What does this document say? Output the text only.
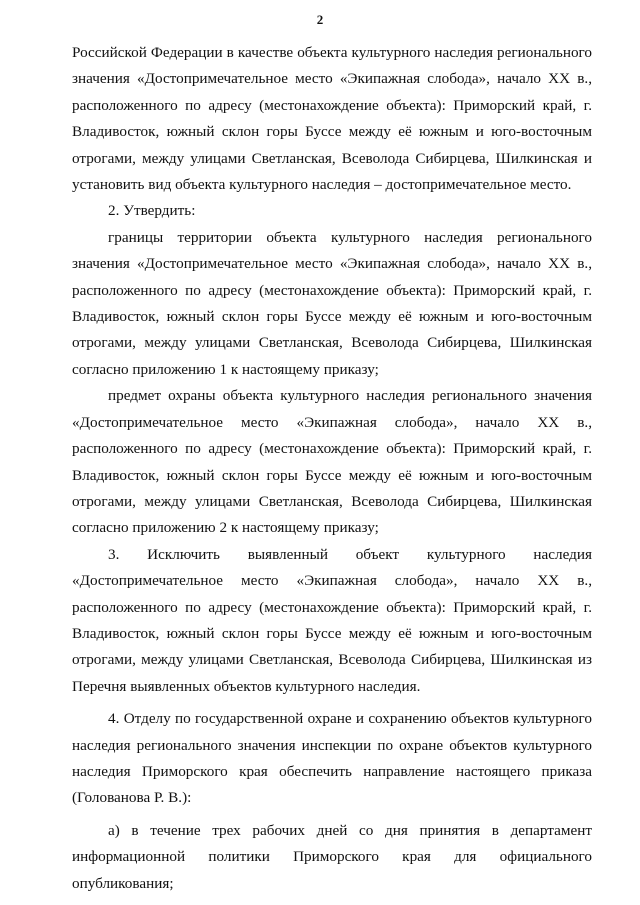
2

Российской Федерации в качестве объекта культурного наследия регионального значения «Достопримечательное место «Экипажная слобода», начало XX в., расположенного по адресу (местонахождение объекта): Приморский край, г. Владивосток, южный склон горы Буссе между её южным и юго-восточным отрогами, между улицами Светланская, Всеволода Сибирцева, Шилкинская и установить вид объекта культурного наследия – достопримечательное место.

2. Утвердить:

границы территории объекта культурного наследия регионального значения «Достопримечательное место «Экипажная слобода», начало XX в., расположенного по адресу (местонахождение объекта): Приморский край, г. Владивосток, южный склон горы Буссе между её южным и юго-восточным отрогами, между улицами Светланская, Всеволода Сибирцева, Шилкинская согласно приложению 1 к настоящему приказу;

предмет охраны объекта культурного наследия регионального значения «Достопримечательное место «Экипажная слобода», начало XX в., расположенного по адресу (местонахождение объекта): Приморский край, г. Владивосток, южный склон горы Буссе между её южным и юго-восточным отрогами, между улицами Светланская, Всеволода Сибирцева, Шилкинская согласно приложению 2 к настоящему приказу;

3. Исключить выявленный объект культурного наследия «Достопримечательное место «Экипажная слобода», начало XX в., расположенного по адресу (местонахождение объекта): Приморский край, г. Владивосток, южный склон горы Буссе между её южным и юго-восточным отрогами, между улицами Светланская, Всеволода Сибирцева, Шилкинская из Перечня выявленных объектов культурного наследия.

4. Отделу по государственной охране и сохранению объектов культурного наследия регионального значения инспекции по охране объектов культурного наследия Приморского края обеспечить направление настоящего приказа (Голованова Р. В.):

а) в течение трех рабочих дней со дня принятия в департамент информационной политики Приморского края для официального опубликования;
